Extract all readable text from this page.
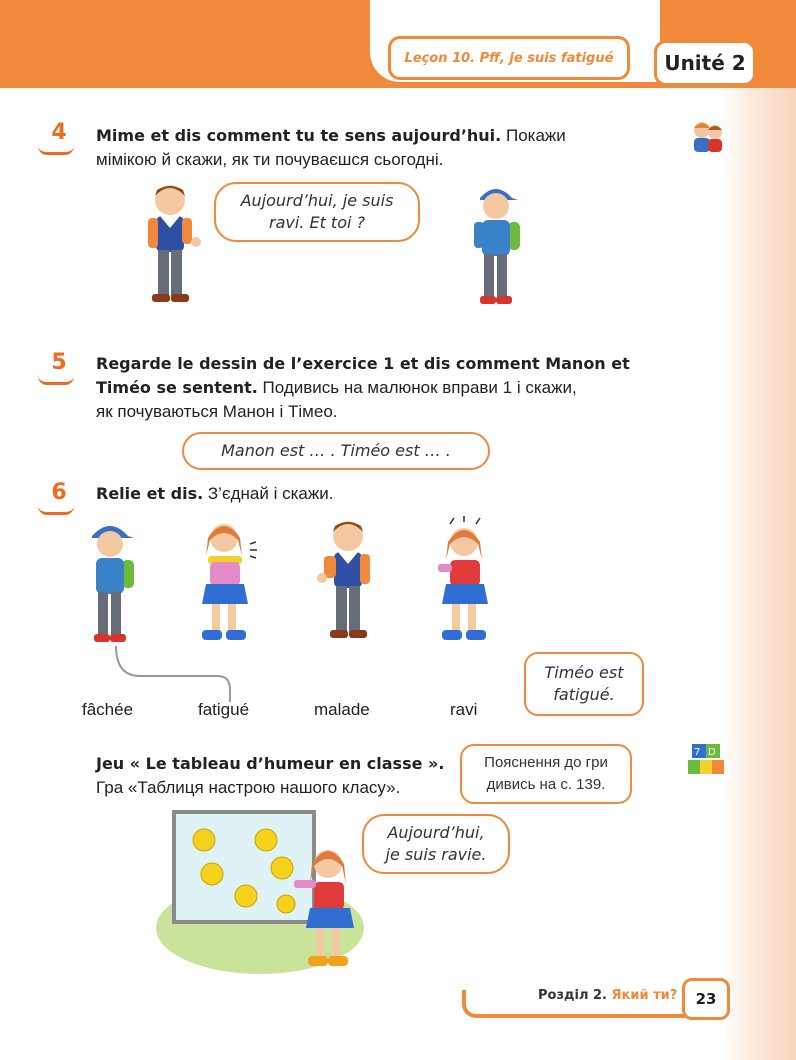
Leçon 10. Pff, je suis fatigué	Unité 2
4	Mime et dis comment tu te sens aujourd’hui. Покажи
мімікою й скажи, як ти почуваєшся сьогодні.
Aujourd’hui, je suis
ravi. Et toi ?
5	Regarde le dessin de l’exercice 1 et dis comment Manon et
Timéo se sentent. Подивись на малюнок вправи 1 і скажи,
як почуваються Манон і Тімео.
Manon est … . Timéo est … .
6	Relie et dis. З’єднай і скажи.
fâchée	fatigué	malade	ravi
Timéo est
fatigué.
Jeu « Le tableau d’humeur en classe ».
Гра «Таблиця настрою нашого класу».
Пояснення до гри
дивись на с. 139.
7 D
Aujourd’hui,
je suis ravie.
Розділ 2. Який ти?	23
